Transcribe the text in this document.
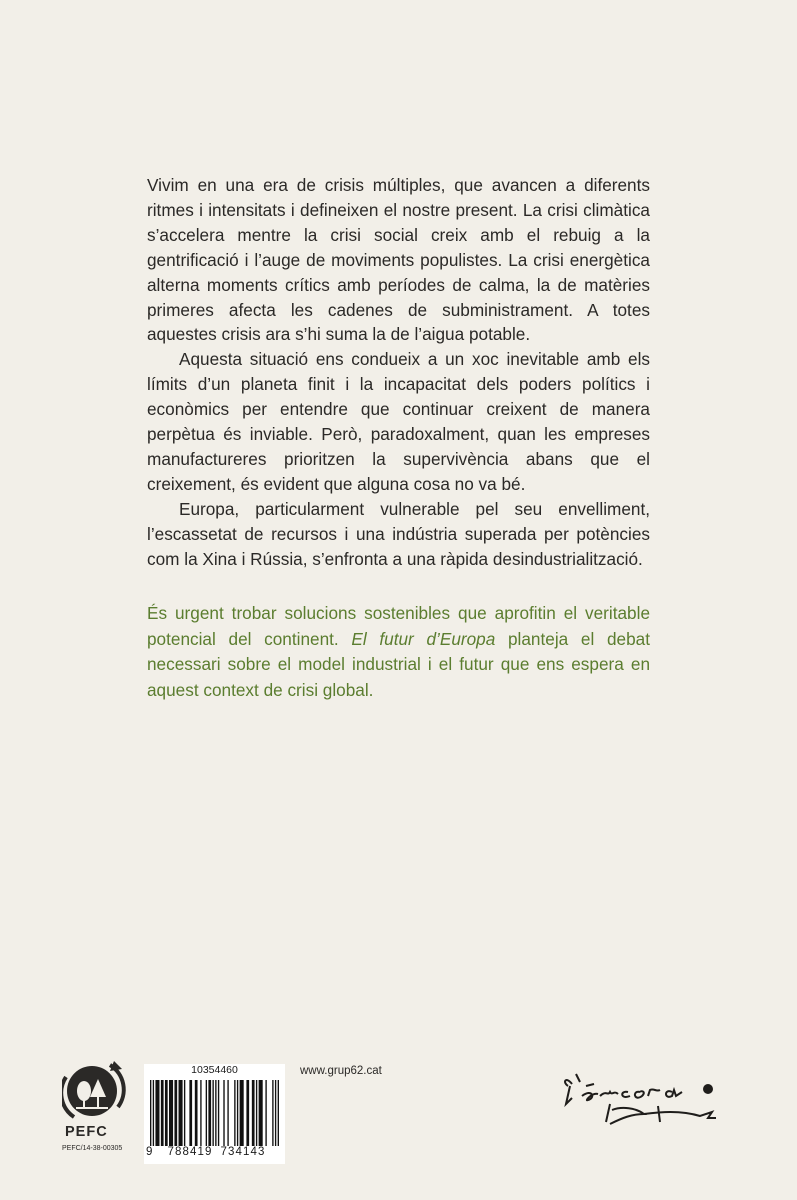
Vivim en una era de crisis múltiples, que avancen a diferents ritmes i intensitats i defineixen el nostre present. La crisi climàtica s’accelera mentre la crisi social creix amb el rebuig a la gentrificació i l’auge de moviments populistes. La crisi energètica alterna moments crítics amb períodes de calma, la de matèries primeres afecta les cadenes de subministrament. A totes aquestes crisis ara s’hi suma la de l’aigua potable.

Aquesta situació ens condueix a un xoc inevitable amb els límits d’un planeta finit i la incapacitat dels poders polítics i econòmics per entendre que continuar creixent de manera perpètua és inviable. Però, paradoxalment, quan les empreses manufactureres prioritzen la supervivència abans que el creixement, és evident que alguna cosa no va bé.

Europa, particularment vulnerable pel seu envelliment, l’escassetat de recursos i una indústria superada per potències com la Xina i Rússia, s’enfronta a una ràpida desindustrialització.

És urgent trobar solucions sostenibles que aprofitin el veritable potencial del continent. El futur d’Europa planteja el debat necessari sobre el model industrial i el futur que ens espera en aquest context de crisi global.

PEFC
PEFC/14-38-00305
10354460
9 788419 734143
www.grup62.cat
